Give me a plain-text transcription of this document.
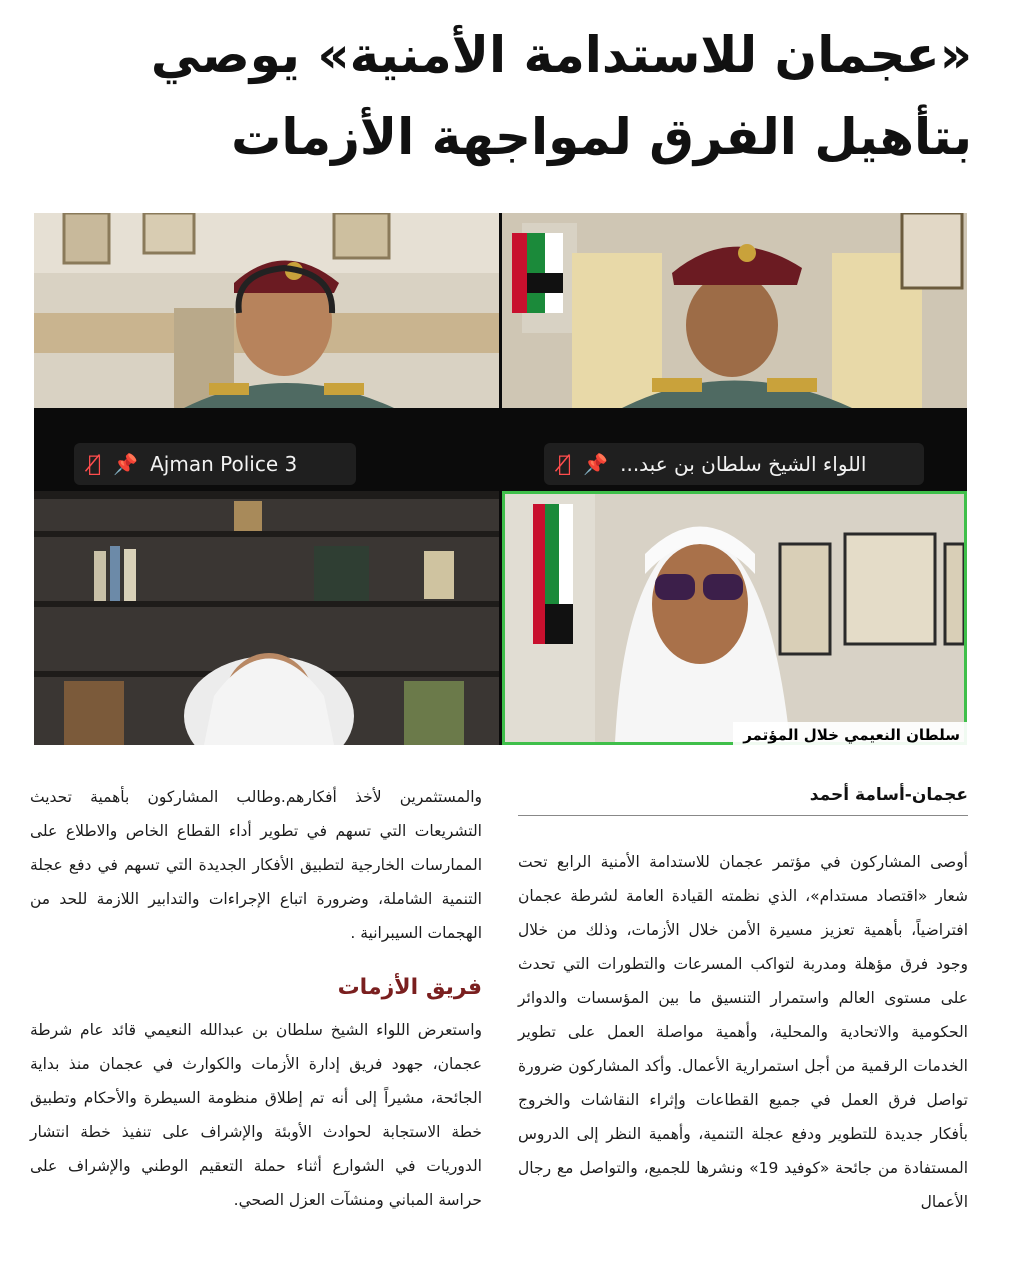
«عجمان للاستدامة الأمنية» يوصي
بتأهيل الفرق لمواجهة الأزمات
🎙̸ 📌 Ajman Police 3	🎙̸ 📌 اللواء الشيخ سلطان بن عبد...
سلطان النعيمي خلال المؤتمر
عجمان-أسامة أحمد
أوصى المشاركون في مؤتمر عجمان للاستدامة الأمنية الرابع تحت شعار «اقتصاد مستدام»، الذي نظمته القيادة العامة لشرطة عجمان افتراضياً، بأهمية تعزيز مسيرة الأمن خلال الأزمات، وذلك من خلال وجود فرق مؤهلة ومدربة لتواكب المسرعات والتطورات التي تحدث على مستوى العالم واستمرار التنسيق ما بين المؤسسات والدوائر الحكومية والاتحادية والمحلية، وأهمية مواصلة العمل على تطوير الخدمات الرقمية من أجل استمرارية الأعمال. وأكد المشاركون ضرورة تواصل فرق العمل في جميع القطاعات وإثراء النقاشات والخروج بأفكار جديدة للتطوير ودفع عجلة التنمية، وأهمية النظر إلى الدروس المستفادة من جائحة «كوفيد 19» ونشرها للجميع، والتواصل مع رجال الأعمال
والمستثمرين لأخذ أفكارهم.وطالب المشاركون بأهمية تحديث التشريعات التي تسهم في تطوير أداء القطاع الخاص والاطلاع على الممارسات الخارجية لتطبيق الأفكار الجديدة التي تسهم في دفع عجلة التنمية الشاملة، وضرورة اتباع الإجراءات والتدابير اللازمة للحد من الهجمات السيبرانية .
فريق الأزمات
واستعرض اللواء الشيخ سلطان بن عبدالله النعيمي قائد عام شرطة عجمان، جهود فريق إدارة الأزمات والكوارث في عجمان منذ بداية الجائحة، مشيراً إلى أنه تم إطلاق منظومة السيطرة والأحكام وتطبيق خطة الاستجابة لحوادث الأوبئة والإشراف على تنفيذ خطة انتشار الدوريات في الشوارع أثناء حملة التعقيم الوطني والإشراف على حراسة المباني ومنشآت العزل الصحي.
